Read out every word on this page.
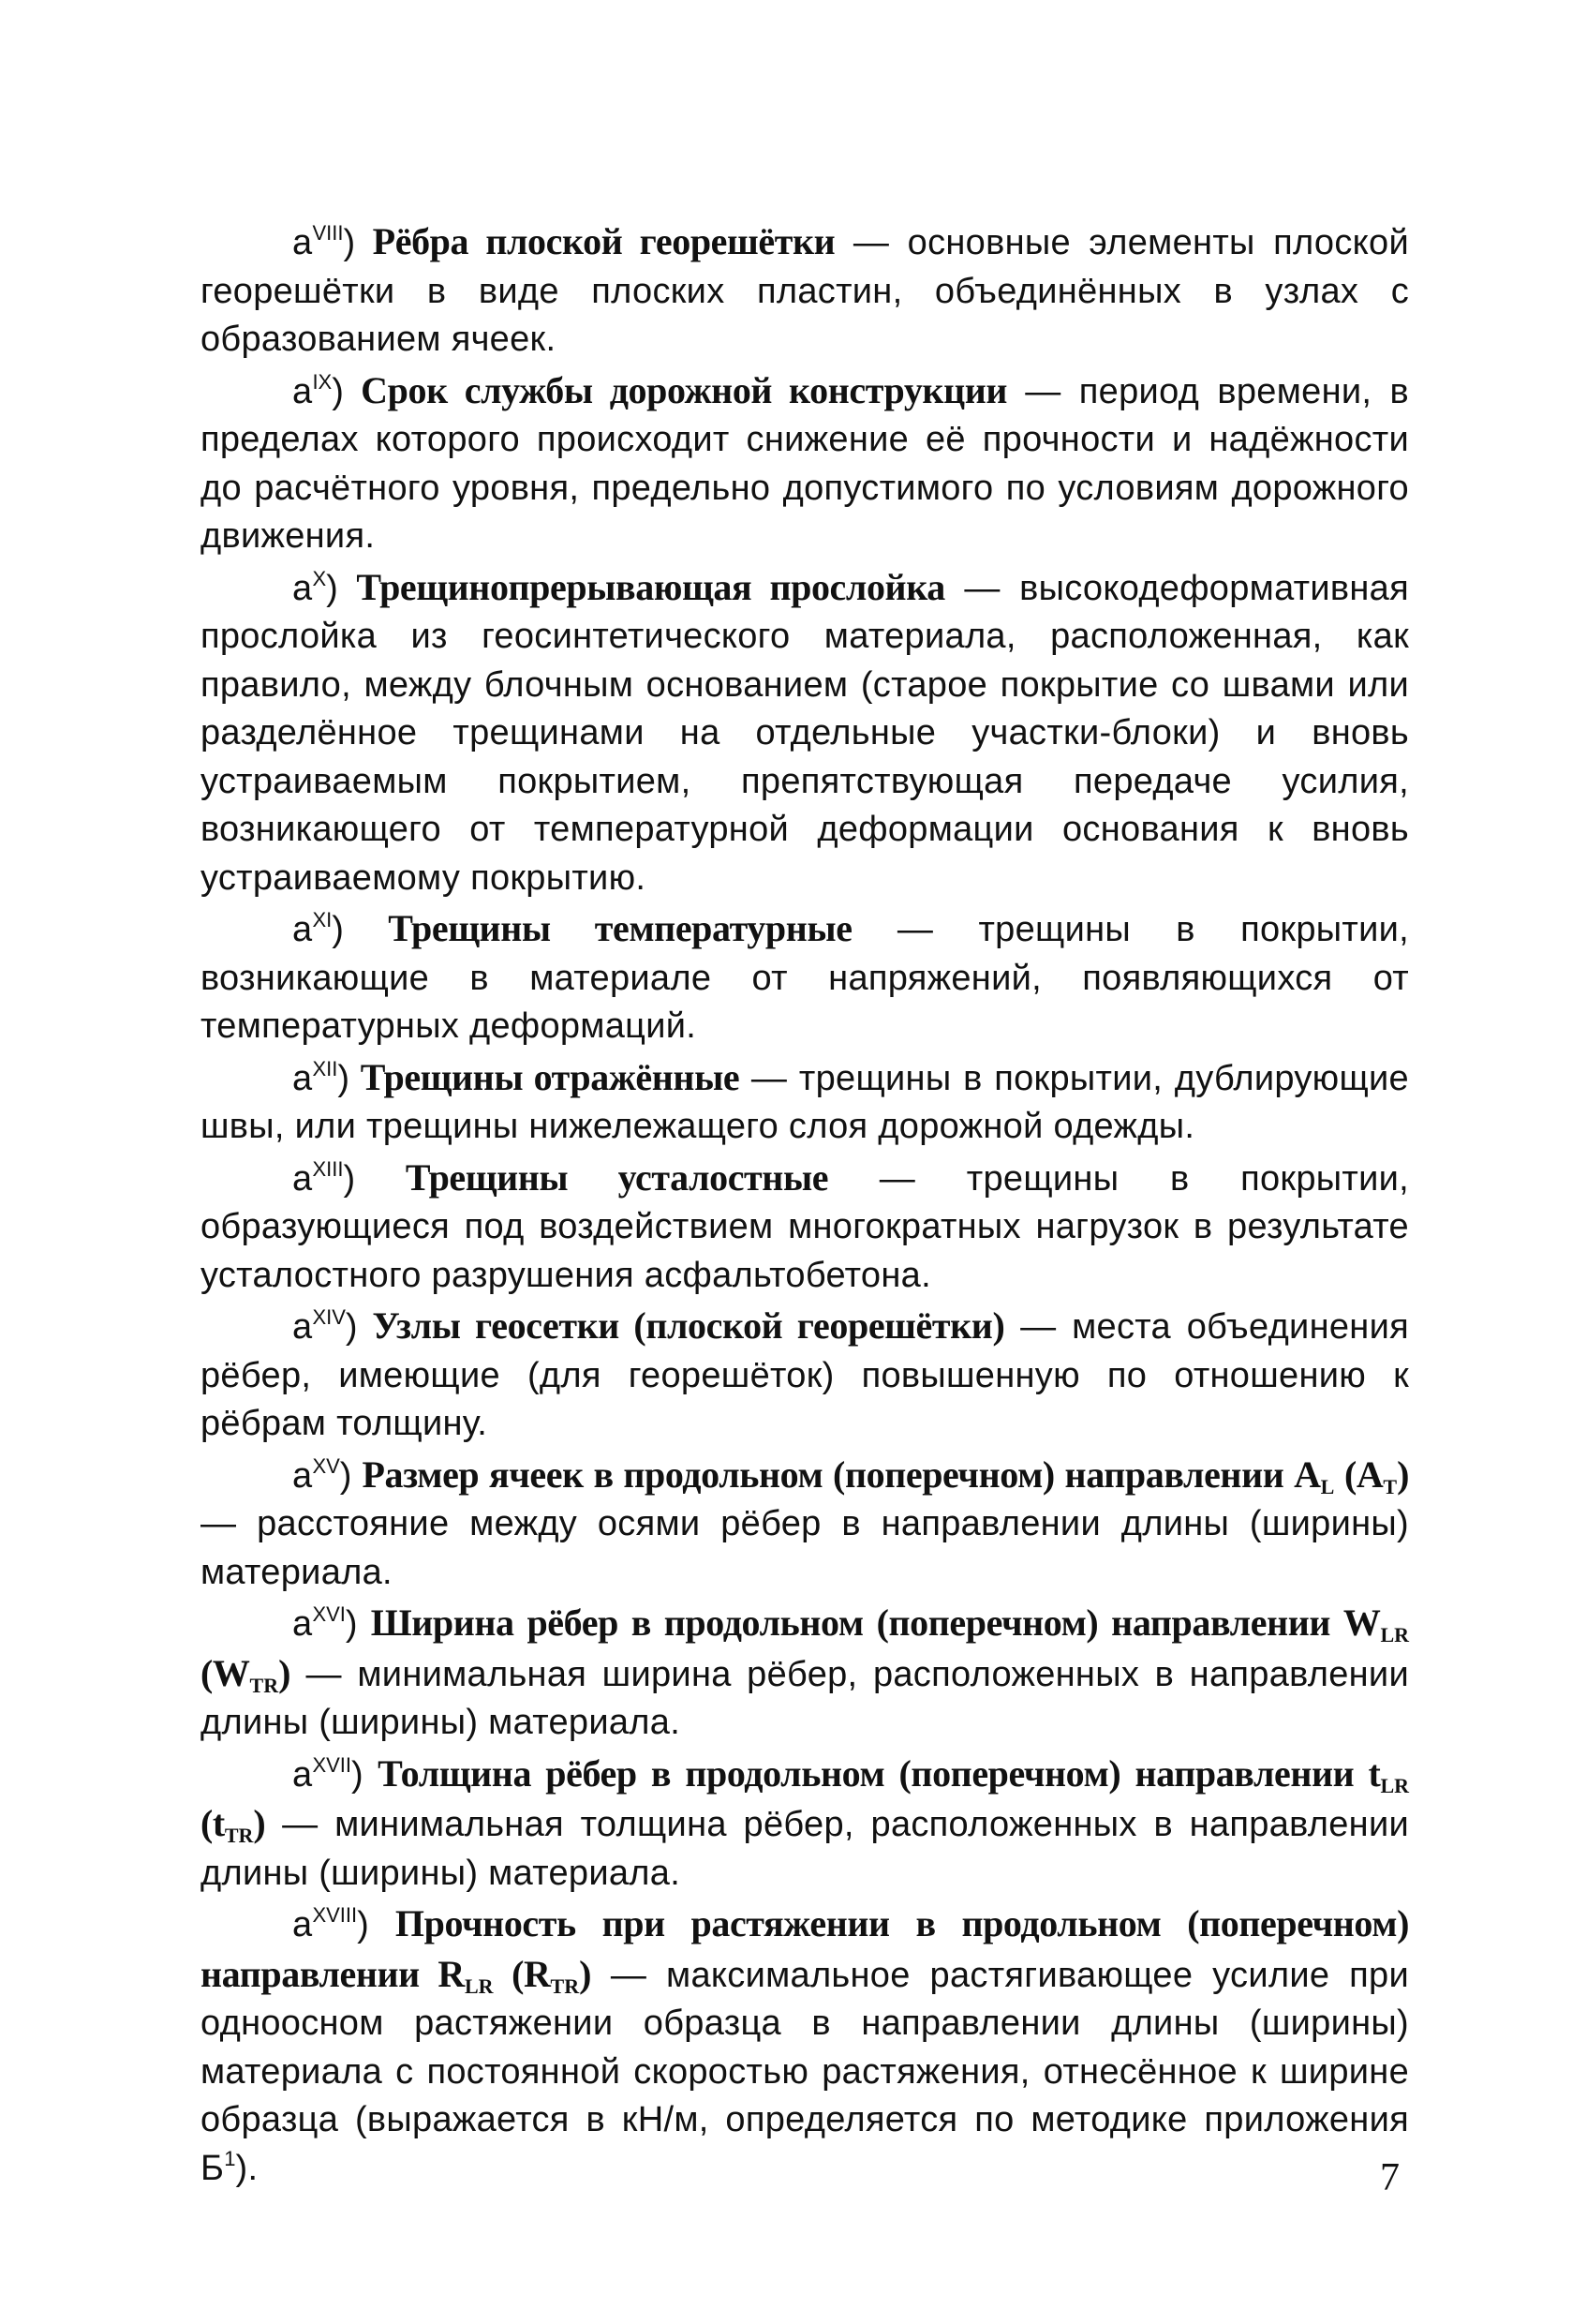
$а^{VIII}$) Рёбра плоской георешётки — основные элементы плоской георешётки в виде плоских пластин, объединённых в узлах с образованием ячеек.

$а^{IX}$) Срок службы дорожной конструкции — период времени, в пределах которого происходит снижение её прочности и надёжности до расчётного уровня, предельно допустимого по условиям дорожного движения.

$а^X$) Трещинопрерывающая прослойка — высокодеформативная прослойка из геосинтетического материала, расположенная, как правило, между блочным основанием (старое покрытие со швами или разделённое трещинами на отдельные участки-блоки) и вновь устраиваемым покрытием, препятствующая передаче усилия, возникающего от температурной деформации основания к вновь устраиваемому покрытию.

$а^{XI}$) Трещины температурные — трещины в покрытии, возникающие в материале от напряжений, появляющихся от температурных деформаций.

$а^{XII}$) Трещины отражённые — трещины в покрытии, дублирующие швы, или трещины нижележащего слоя дорожной одежды.

$а^{XIII}$) Трещины усталостные — трещины в покрытии, образующиеся под воздействием многократных нагрузок в результате усталостного разрушения асфальтобетона.

$а^{XIV}$) Узлы геосетки (плоской георешётки) — места объединения рёбер, имеющие (для георешёток) повышенную по отношению к рёбрам толщину.

$а^{XV}$) Размер ячеек в продольном (поперечном) направлении $A_L$ $(A_T)$ — расстояние между осями рёбер в направлении длины (ширины) материала.

$а^{XVI}$) Ширина рёбер в продольном (поперечном) направлении $W_{LR}$ $(W_{TR})$ — минимальная ширина рёбер, расположенных в направлении длины (ширины) материала.

$а^{XVII}$) Толщина рёбер в продольном (поперечном) направлении $t_{LR}$ $(t_{TR})$ — минимальная толщина рёбер, расположенных в направлении длины (ширины) материала.

$а^{XVIII}$) Прочность при растяжении в продольном (поперечном) направлении $R_{LR}$ $(R_{TR})$ — максимальное растягивающее усилие при одноосном растяжении образца в направлении длины (ширины) материала с постоянной скоростью растяжения, отнесённое к ширине образца (выражается в кН/м, определяется по методике приложения $Б^1$).	7
